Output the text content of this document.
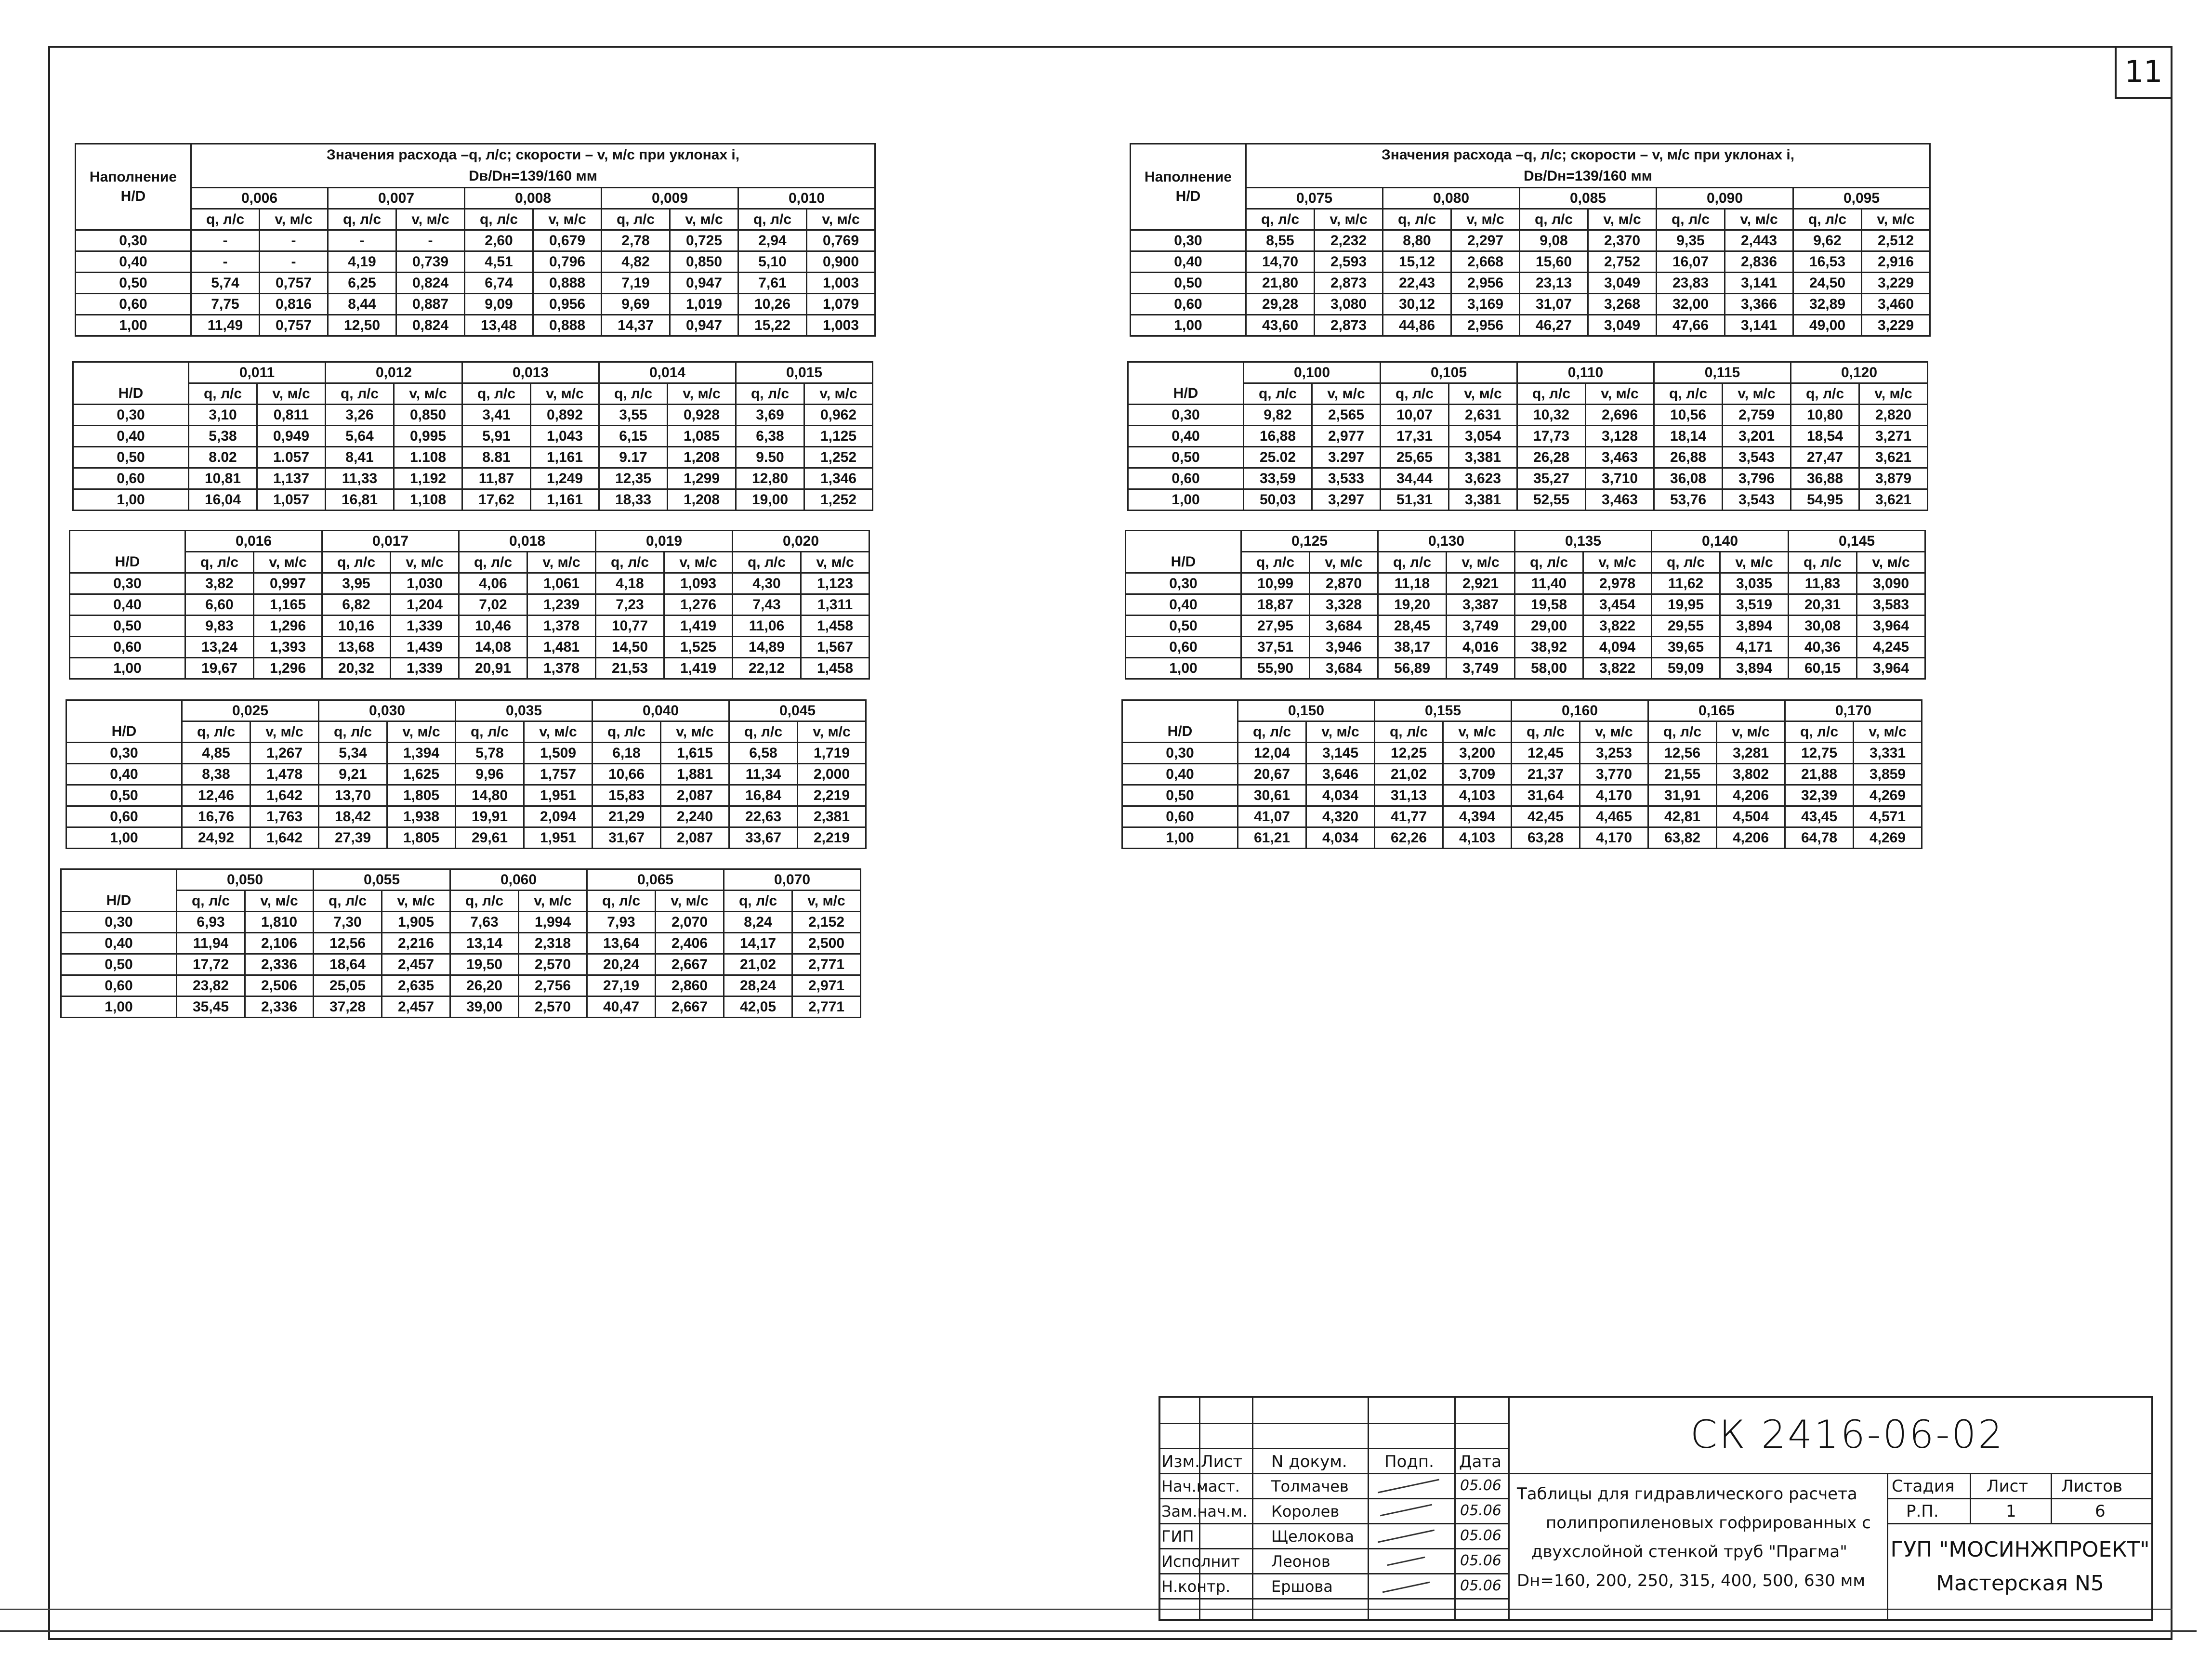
11
Наполнение H/D	Значения расхода –q, л/с; скорости – v, м/с при уклонах i,									
	Dв/Dн=139/160 мм									
	0,006		0,007		0,008		0,009		0,010	
	q, л/с	v, м/с	q, л/с	v, м/с	q, л/с	v, м/с	q, л/с	v, м/с	q, л/с	v, м/с
0,30	-	-	-	-	2,60	0,679	2,78	0,725	2,94	0,769
0,40	-	-	4,19	0,739	4,51	0,796	4,82	0,850	5,10	0,900
0,50	5,74	0,757	6,25	0,824	6,74	0,888	7,19	0,947	7,61	1,003
0,60	7,75	0,816	8,44	0,887	9,09	0,956	9,69	1,019	10,26	1,079
1,00	11,49	0,757	12,50	0,824	13,48	0,888	14,37	0,947	15,22	1,003
	0,011		0,012		0,013		0,014		0,015	
H/D	q, л/с	v, м/с	q, л/с	v, м/с	q, л/с	v, м/с	q, л/с	v, м/с	q, л/с	v, м/с
0,30	3,10	0,811	3,26	0,850	3,41	0,892	3,55	0,928	3,69	0,962
0,40	5,38	0,949	5,64	0,995	5,91	1,043	6,15	1,085	6,38	1,125
0,50	8.02	1.057	8,41	1.108	8.81	1,161	9.17	1,208	9.50	1,252
0,60	10,81	1,137	11,33	1,192	11,87	1,249	12,35	1,299	12,80	1,346
1,00	16,04	1,057	16,81	1,108	17,62	1,161	18,33	1,208	19,00	1,252
	0,016		0,017		0,018		0,019		0,020	
H/D	q, л/с	v, м/с	q, л/с	v, м/с	q, л/с	v, м/с	q, л/с	v, м/с	q, л/с	v, м/с
0,30	3,82	0,997	3,95	1,030	4,06	1,061	4,18	1,093	4,30	1,123
0,40	6,60	1,165	6,82	1,204	7,02	1,239	7,23	1,276	7,43	1,311
0,50	9,83	1,296	10,16	1,339	10,46	1,378	10,77	1,419	11,06	1,458
0,60	13,24	1,393	13,68	1,439	14,08	1,481	14,50	1,525	14,89	1,567
1,00	19,67	1,296	20,32	1,339	20,91	1,378	21,53	1,419	22,12	1,458
	0,025		0,030		0,035		0,040		0,045	
H/D	q, л/с	v, м/с	q, л/с	v, м/с	q, л/с	v, м/с	q, л/с	v, м/с	q, л/с	v, м/с
0,30	4,85	1,267	5,34	1,394	5,78	1,509	6,18	1,615	6,58	1,719
0,40	8,38	1,478	9,21	1,625	9,96	1,757	10,66	1,881	11,34	2,000
0,50	12,46	1,642	13,70	1,805	14,80	1,951	15,83	2,087	16,84	2,219
0,60	16,76	1,763	18,42	1,938	19,91	2,094	21,29	2,240	22,63	2,381
1,00	24,92	1,642	27,39	1,805	29,61	1,951	31,67	2,087	33,67	2,219
	0,050		0,055		0,060		0,065		0,070	
H/D	q, л/с	v, м/с	q, л/с	v, м/с	q, л/с	v, м/с	q, л/с	v, м/с	q, л/с	v, м/с
0,30	6,93	1,810	7,30	1,905	7,63	1,994	7,93	2,070	8,24	2,152
0,40	11,94	2,106	12,56	2,216	13,14	2,318	13,64	2,406	14,17	2,500
0,50	17,72	2,336	18,64	2,457	19,50	2,570	20,24	2,667	21,02	2,771
0,60	23,82	2,506	25,05	2,635	26,20	2,756	27,19	2,860	28,24	2,971
1,00	35,45	2,336	37,28	2,457	39,00	2,570	40,47	2,667	42,05	2,771
Наполнение H/D	Значения расхода –q, л/с; скорости – v, м/с при уклонах i,									
	Dв/Dн=139/160 мм									
	0,075		0,080		0,085		0,090		0,095	
	q, л/с	v, м/с	q, л/с	v, м/с	q, л/с	v, м/с	q, л/с	v, м/с	q, л/с	v, м/с
0,30	8,55	2,232	8,80	2,297	9,08	2,370	9,35	2,443	9,62	2,512
0,40	14,70	2,593	15,12	2,668	15,60	2,752	16,07	2,836	16,53	2,916
0,50	21,80	2,873	22,43	2,956	23,13	3,049	23,83	3,141	24,50	3,229
0,60	29,28	3,080	30,12	3,169	31,07	3,268	32,00	3,366	32,89	3,460
1,00	43,60	2,873	44,86	2,956	46,27	3,049	47,66	3,141	49,00	3,229
	0,100		0,105		0,110		0,115		0,120	
H/D	q, л/с	v, м/с	q, л/с	v, м/с	q, л/с	v, м/с	q, л/с	v, м/с	q, л/с	v, м/с
0,30	9,82	2,565	10,07	2,631	10,32	2,696	10,56	2,759	10,80	2,820
0,40	16,88	2,977	17,31	3,054	17,73	3,128	18,14	3,201	18,54	3,271
0,50	25.02	3.297	25,65	3,381	26,28	3,463	26,88	3,543	27,47	3,621
0,60	33,59	3,533	34,44	3,623	35,27	3,710	36,08	3,796	36,88	3,879
1,00	50,03	3,297	51,31	3,381	52,55	3,463	53,76	3,543	54,95	3,621
	0,125		0,130		0,135		0,140		0,145	
H/D	q, л/с	v, м/с	q, л/с	v, м/с	q, л/с	v, м/с	q, л/с	v, м/с	q, л/с	v, м/с
0,30	10,99	2,870	11,18	2,921	11,40	2,978	11,62	3,035	11,83	3,090
0,40	18,87	3,328	19,20	3,387	19,58	3,454	19,95	3,519	20,31	3,583
0,50	27,95	3,684	28,45	3,749	29,00	3,822	29,55	3,894	30,08	3,964
0,60	37,51	3,946	38,17	4,016	38,92	4,094	39,65	4,171	40,36	4,245
1,00	55,90	3,684	56,89	3,749	58,00	3,822	59,09	3,894	60,15	3,964
	0,150		0,155		0,160		0,165		0,170	
H/D	q, л/с	v, м/с	q, л/с	v, м/с	q, л/с	v, м/с	q, л/с	v, м/с	q, л/с	v, м/с
0,30	12,04	3,145	12,25	3,200	12,45	3,253	12,56	3,281	12,75	3,331
0,40	20,67	3,646	21,02	3,709	21,37	3,770	21,55	3,802	21,88	3,859
0,50	30,61	4,034	31,13	4,103	31,64	4,170	31,91	4,206	32,39	4,269
0,60	41,07	4,320	41,77	4,394	42,45	4,465	42,81	4,504	43,45	4,571
1,00	61,21	4,034	62,26	4,103	63,28	4,170	63,82	4,206	64,78	4,269
Изм. Лист N докум. Подп. Дата
Нач.маст. Толмачев	05.06
Зам.нач.м. Королев	05.06
ГИП	Щелокова	05.06
Исполнит Леонов	05.06
Н.контр.	Ершова	05.06
СК 2416-06-02
Таблицы для гидравлического расчета
полипропиленовых гофрированных с
двухслойной стенкой труб "Прагма"
Dн=160, 200, 250, 315, 400, 500, 630 мм
Стадия Лист Листов
Р.П.	1	6
ГУП "МОСИНЖПРОЕКТ"
Мастерская N5
